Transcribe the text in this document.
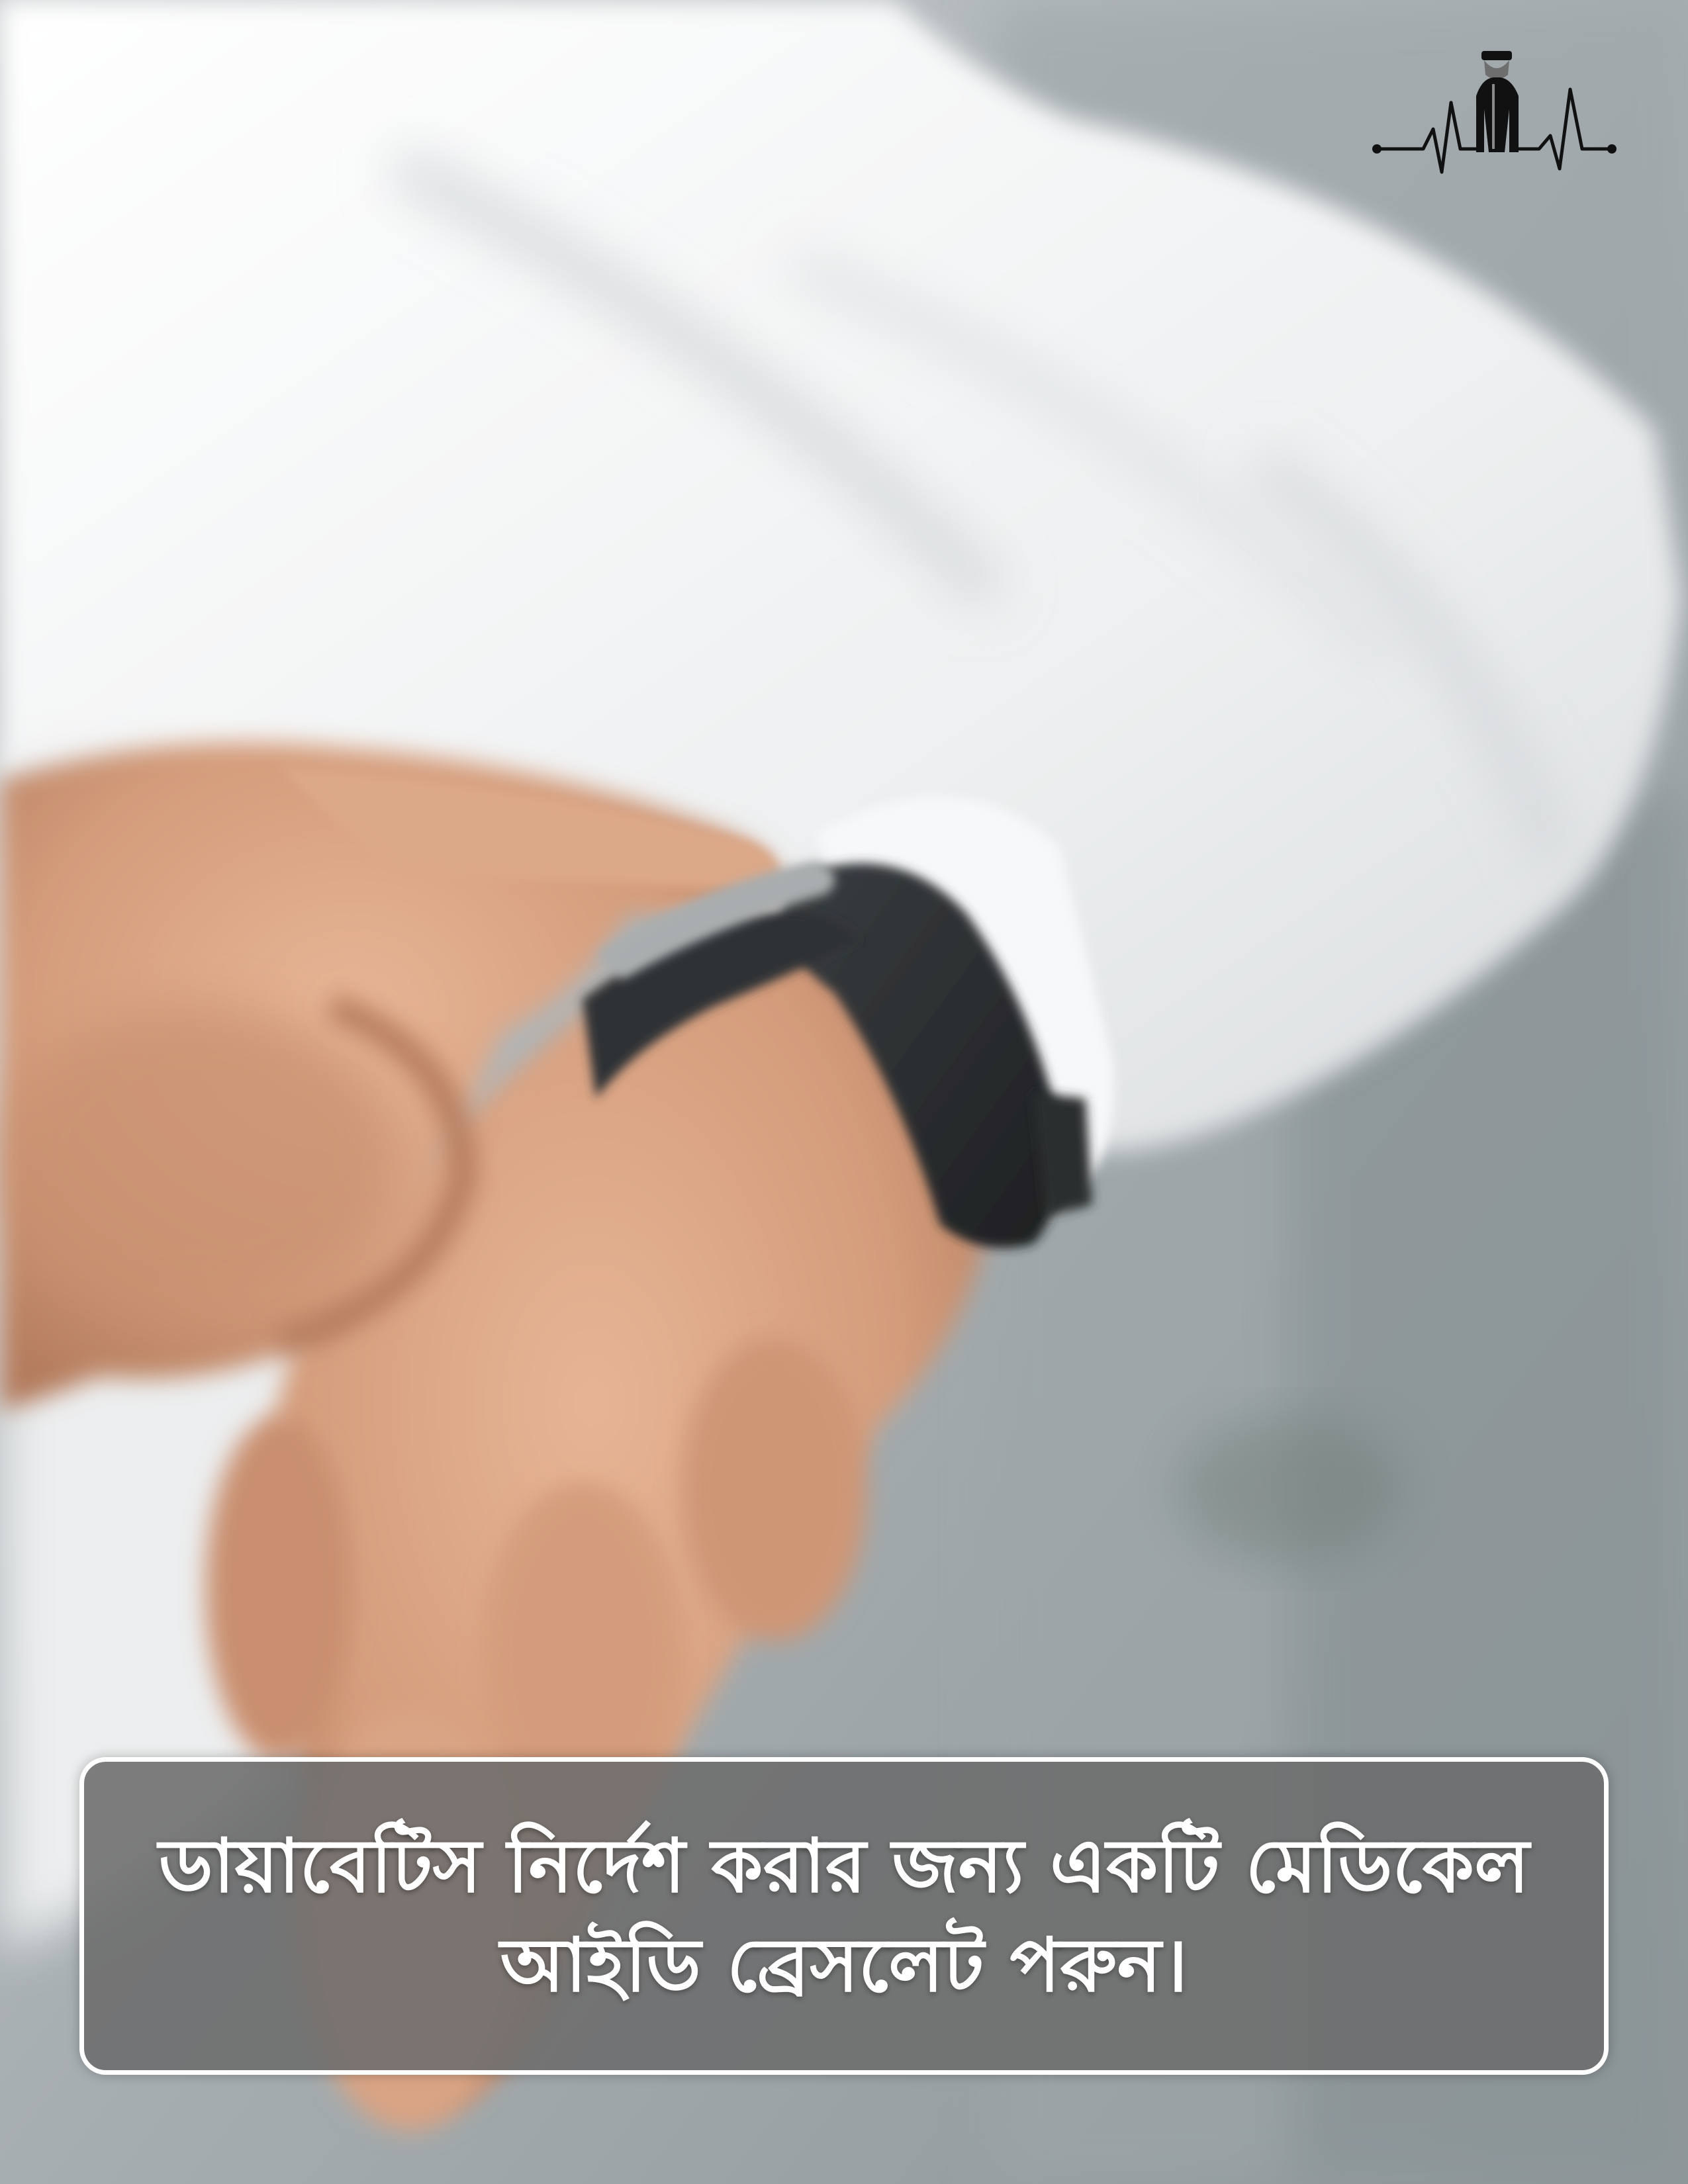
ডায়াবেটিস নির্দেশ করার জন্য একটি মেডিকেল আইডি ব্রেসলেট পরুন।
